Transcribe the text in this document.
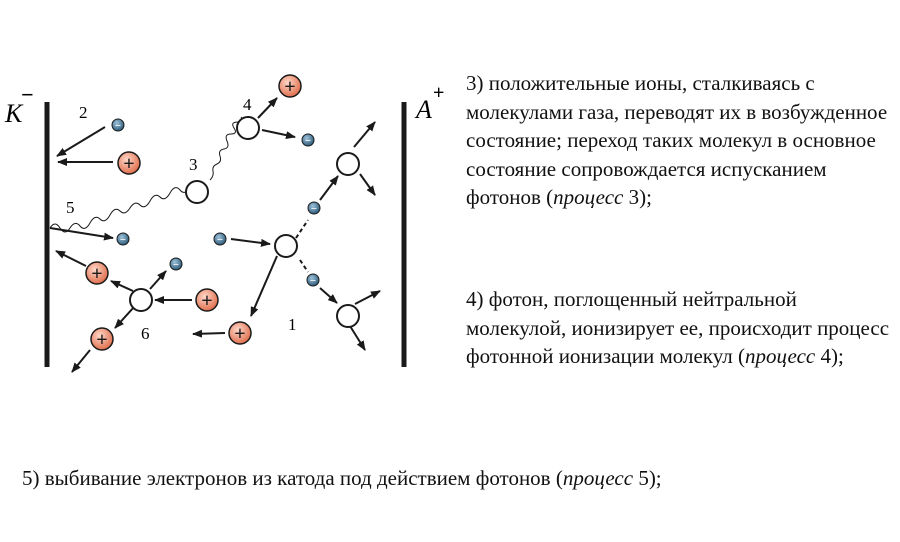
K
−
A
+
2	4
3
5
6	1
+
+
+
+
+	+
−
−
−	−
−
−
−

3) положительные ионы, сталкиваясь с молекулами газа, переводят их в возбужденное состояние; переход таких молекул в основное состояние сопровождается испусканием фотонов (процесс 3);

4) фотон, поглощенный нейтральной молекулой, ионизирует ее, происходит процесс фотонной ионизации молекул (процесс 4);

5) выбивание электронов из катода под действием фотонов (процесс 5);
